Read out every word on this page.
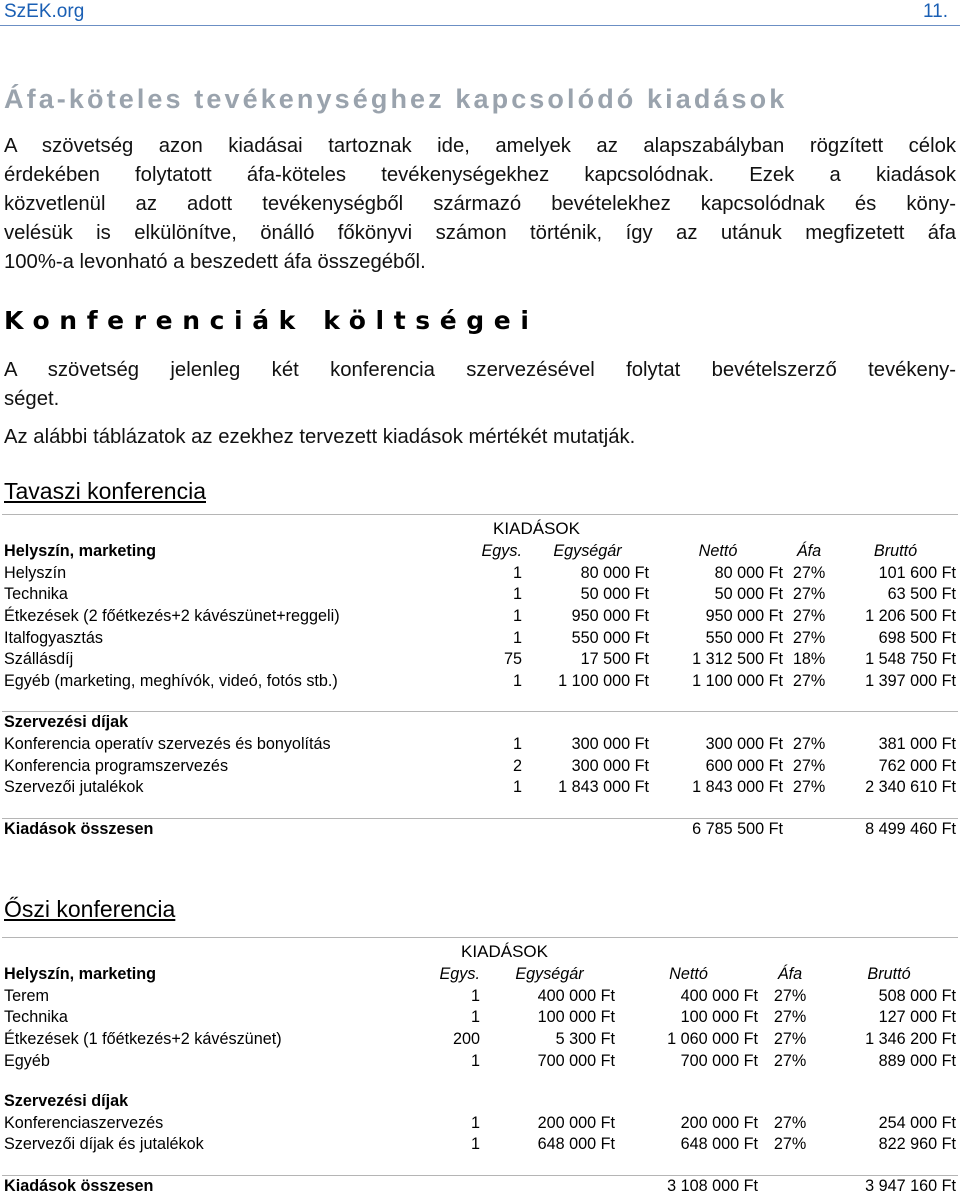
SzEK.org	11.
Áfa-köteles tevékenységhez kapcsolódó kiadások
A szövetség azon kiadásai tartoznak ide, amelyek az alapszabályban rögzített célok
érdekében folytatott áfa-köteles tevékenységekhez kapcsolódnak. Ezek a kiadások
közvetlenül az adott tevékenységből származó bevételekhez kapcsolódnak és köny-
velésük is elkülönítve, önálló főkönyvi számon történik, így az utánuk megfizetett áfa
100%-a levonható a beszedett áfa összegéből.
Konferenciák költségei
A szövetség jelenleg két konferencia szervezésével folytat bevételszerző tevékeny-
séget.
Az alábbi táblázatok az ezekhez tervezett kiadások mértékét mutatják.
Tavaszi konferencia
	KIADÁSOK				
Helyszín, marketing	Egys.	Egységár	Nettó	Áfa	Bruttó
Helyszín	1	80 000 Ft	80 000 Ft	27%	101 600 Ft
Technika	1	50 000 Ft	50 000 Ft	27%	63 500 Ft
Étkezések (2 főétkezés+2 kávészünet+reggeli)	1	950 000 Ft	950 000 Ft	27%	1 206 500 Ft
Italfogyasztás	1	550 000 Ft	550 000 Ft	27%	698 500 Ft
Szállásdíj	75	17 500 Ft	1 312 500 Ft	18%	1 548 750 Ft
Egyéb (marketing, meghívók, videó, fotós stb.)	1	1 100 000 Ft	1 100 000 Ft	27%	1 397 000 Ft

Szervezési díjak					
Konferencia operatív szervezés és bonyolítás	1	300 000 Ft	300 000 Ft	27%	381 000 Ft
Konferencia programszervezés	2	300 000 Ft	600 000 Ft	27%	762 000 Ft
Szervezői jutalékok	1	1 843 000 Ft	1 843 000 Ft	27%	2 340 610 Ft

Kiadások összesen			6 785 500 Ft		8 499 460 Ft
Őszi konferencia
	KIADÁSOK				
Helyszín, marketing	Egys.	Egységár	Nettó	Áfa	Bruttó
Terem	1	400 000 Ft	400 000 Ft	27%	508 000 Ft
Technika	1	100 000 Ft	100 000 Ft	27%	127 000 Ft
Étkezések (1 főétkezés+2 kávészünet)	200	5 300 Ft	1 060 000 Ft	27%	1 346 200 Ft
Egyéb	1	700 000 Ft	700 000 Ft	27%	889 000 Ft

Szervezési díjak					
Konferenciaszervezés	1	200 000 Ft	200 000 Ft	27%	254 000 Ft
Szervezői díjak és jutalékok	1	648 000 Ft	648 000 Ft	27%	822 960 Ft

Kiadások összesen			3 108 000 Ft		3 947 160 Ft
